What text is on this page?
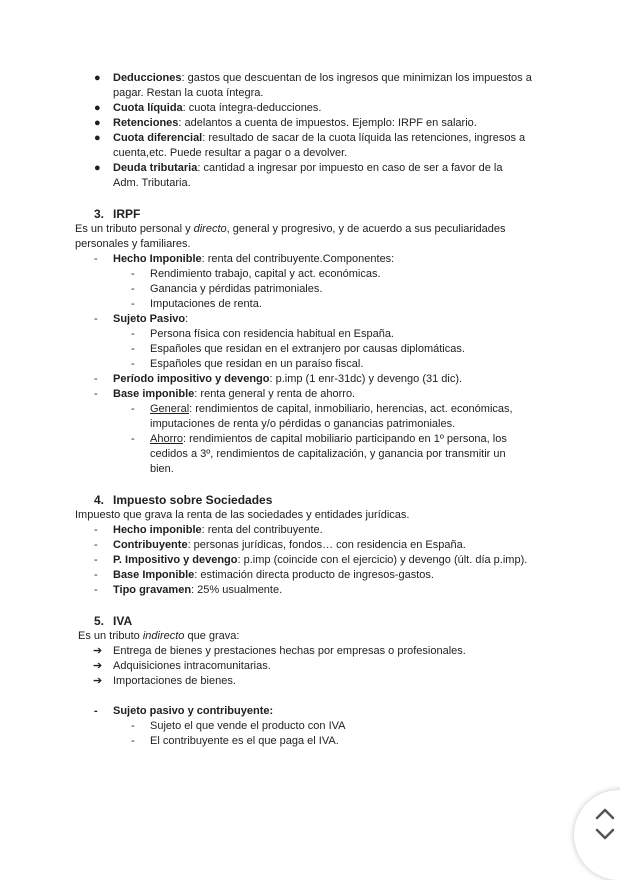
● Deducciones: gastos que descuentan de los ingresos que minimizan los impuestos a
pagar. Restan la cuota íntegra.
● Cuota líquida: cuota íntegra-deducciones.
● Retenciones: adelantos a cuenta de impuestos. Ejemplo: IRPF en salario.
● Cuota diferencial: resultado de sacar de la cuota líquida las retenciones, ingresos a
cuenta,etc. Puede resultar a pagar o a devolver.
● Deuda tributaria: cantidad a ingresar por impuesto en caso de ser a favor de la
Adm. Tributaria.
3. IRPF
Es un tributo personal y directo, general y progresivo, y de acuerdo a sus peculiaridades
personales y familiares.
- Hecho Imponible: renta del contribuyente.Componentes:
- Rendimiento trabajo, capital y act. económicas.
- Ganancia y pérdidas patrimoniales.
- Imputaciones de renta.
- Sujeto Pasivo:
- Persona física con residencia habitual en España.
- Españoles que residan en el extranjero por causas diplomáticas.
- Españoles que residan en un paraíso fiscal.
- Período impositivo y devengo: p.imp (1 enr-31dc) y devengo (31 dic).
- Base imponible: renta general y renta de ahorro.
- General: rendimientos de capital, inmobiliario, herencias, act. económicas,
imputaciones de renta y/o pérdidas o ganancias patrimoniales.
- Ahorro: rendimientos de capital mobiliario participando en 1º persona, los
cedidos a 3º, rendimientos de capitalización, y ganancia por transmitir un
bien.
4. Impuesto sobre Sociedades
Impuesto que grava la renta de las sociedades y entidades jurídicas.
- Hecho imponible: renta del contribuyente.
- Contribuyente: personas jurídicas, fondos… con residencia en España.
- P. Impositivo y devengo: p.imp (coincide con el ejercicio) y devengo (últ. día p.imp).
- Base Imponible: estimación directa producto de ingresos-gastos.
- Tipo gravamen: 25% usualmente.
5. IVA
Es un tributo indirecto que grava:
➔ Entrega de bienes y prestaciones hechas por empresas o profesionales.
➔ Adquisiciones intracomunitarias.
➔ Importaciones de bienes.
- Sujeto pasivo y contribuyente:
- Sujeto el que vende el producto con IVA
- El contribuyente es el que paga el IVA.
